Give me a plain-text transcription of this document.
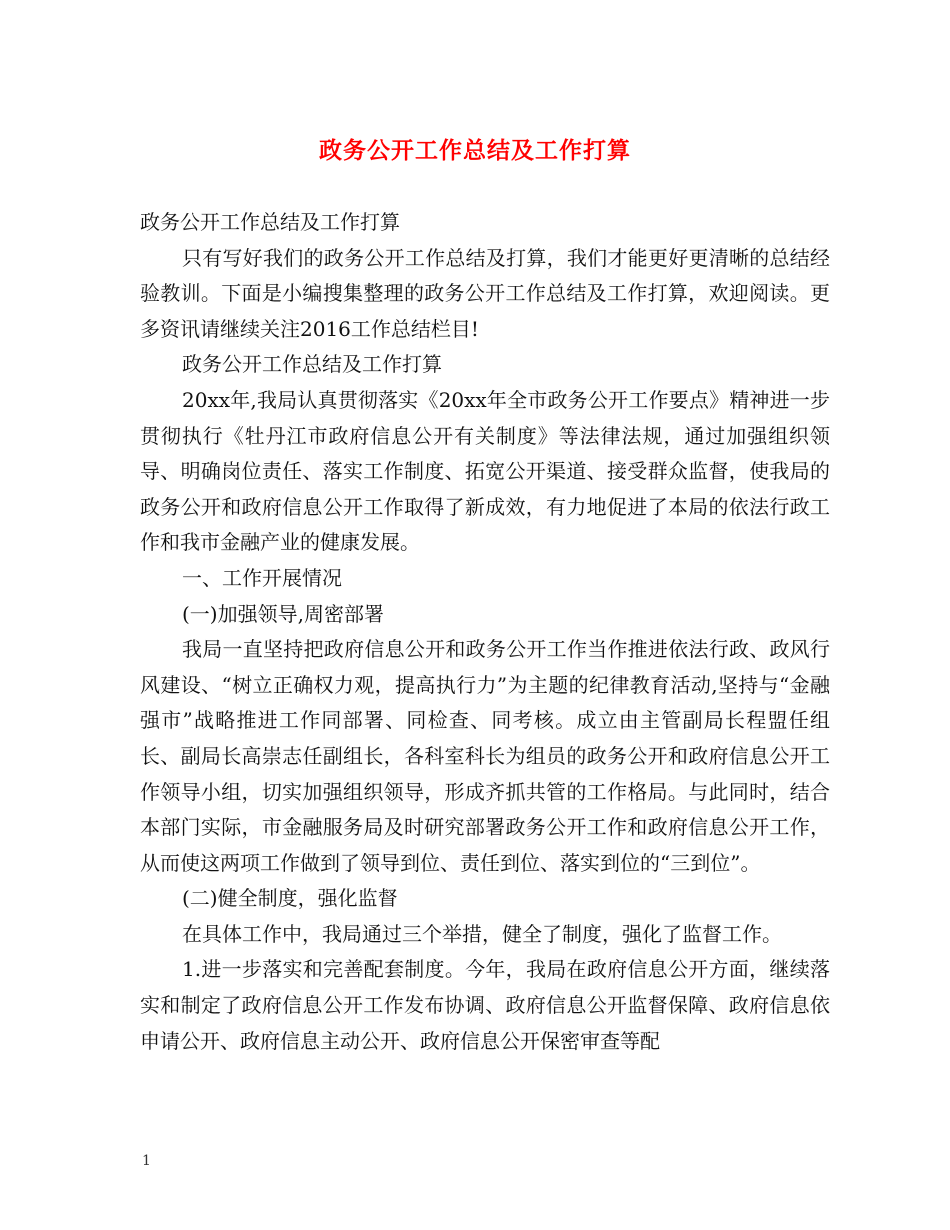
政务公开工作总结及工作打算

政务公开工作总结及工作打算

只有写好我们的政务公开工作总结及打算，我们才能更好更清晰的总结经验教训。下面是小编搜集整理的政务公开工作总结及工作打算，欢迎阅读。更多资讯请继续关注2016工作总结栏目!

政务公开工作总结及工作打算

20xx年,我局认真贯彻落实《20xx年全市政务公开工作要点》精神进一步贯彻执行《牡丹江市政府信息公开有关制度》等法律法规，通过加强组织领导、明确岗位责任、落实工作制度、拓宽公开渠道、接受群众监督，使我局的政务公开和政府信息公开工作取得了新成效，有力地促进了本局的依法行政工作和我市金融产业的健康发展。

一、工作开展情况

(一)加强领导,周密部署

我局一直坚持把政府信息公开和政务公开工作当作推进依法行政、政风行风建设、“树立正确权力观，提高执行力”为主题的纪律教育活动,坚持与“金融强市”战略推进工作同部署、同检查、同考核。成立由主管副局长程盟任组长、副局长高崇志任副组长，各科室科长为组员的政务公开和政府信息公开工作领导小组，切实加强组织领导，形成齐抓共管的工作格局。与此同时，结合本部门实际，市金融服务局及时研究部署政务公开工作和政府信息公开工作，从而使这两项工作做到了领导到位、责任到位、落实到位的“三到位”。

(二)健全制度，强化监督

在具体工作中，我局通过三个举措，健全了制度，强化了监督工作。

1.进一步落实和完善配套制度。今年，我局在政府信息公开方面，继续落实和制定了政府信息公开工作发布协调、政府信息公开监督保障、政府信息依申请公开、政府信息主动公开、政府信息公开保密审查等配

1
